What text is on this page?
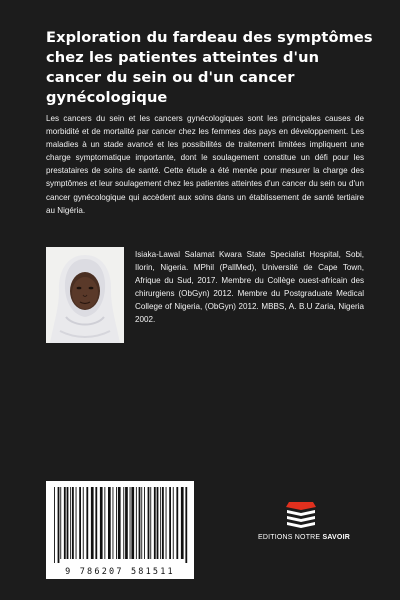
Exploration du fardeau des symptômes chez les patientes atteintes d'un cancer du sein ou d'un cancer gynécologique
Les cancers du sein et les cancers gynécologiques sont les principales causes de morbidité et de mortalité par cancer chez les femmes des pays en développement. Les maladies à un stade avancé et les possibilités de traitement limitées impliquent une charge symptomatique importante, dont le soulagement constitue un défi pour les prestataires de soins de santé. Cette étude a été menée pour mesurer la charge des symptômes et leur soulagement chez les patientes atteintes d'un cancer du sein ou d'un cancer gynécologique qui accèdent aux soins dans un établissement de santé tertiaire au Nigéria.
Isiaka-Lawal Salamat Kwara State Specialist Hospital, Sobi, Ilorin, Nigeria. MPhil (PallMed), Université de Cape Town, Afrique du Sud, 2017. Membre du Collège ouest-africain des chirurgiens (ObGyn) 2012. Membre du Postgraduate Medical College of Nigeria, (ObGyn) 2012. MBBS, A. B.U Zaria, Nigeria 2002.
9 786207 581511
EDITIONS NOTRE SAVOIR
